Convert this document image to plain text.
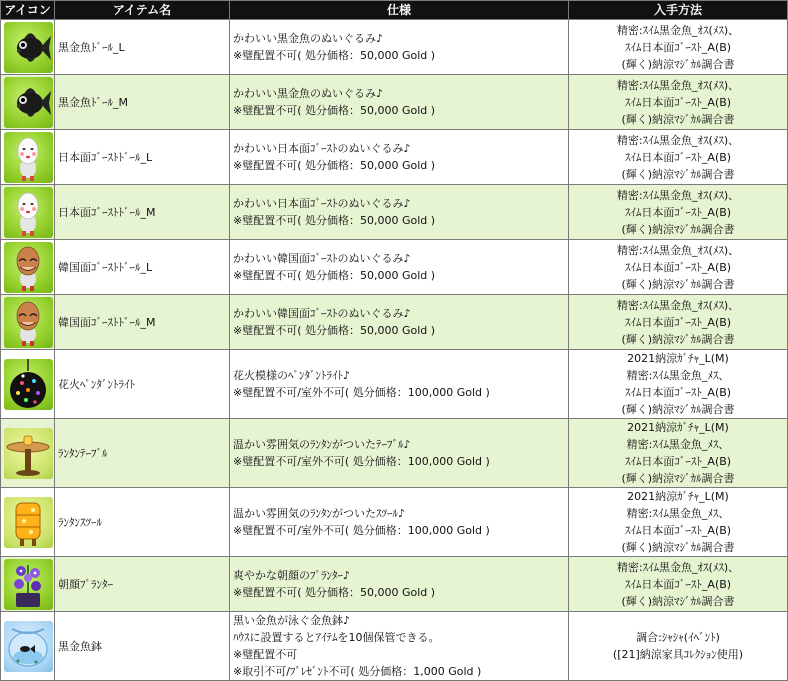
アイコン	アイテム名	仕様	入手方法

	黒金魚ﾄﾞｰﾙ_L	かわいい黒金魚のぬいぐるみ♪
※璧配置不可( 処分価格：50,000 Gold )	精密:ｽｲﾑ黒金魚_ｵｽ(ﾒｽ)、
ｽｲﾑ日本面ｺﾞｰｽﾄ_A(B)
(輝く)納涼ﾏｼﾞｶﾙ調合書

	黒金魚ﾄﾞｰﾙ_M	かわいい黒金魚のぬいぐるみ♪
※璧配置不可( 処分価格：50,000 Gold )	精密:ｽｲﾑ黒金魚_ｵｽ(ﾒｽ)、
ｽｲﾑ日本面ｺﾞｰｽﾄ_A(B)
(輝く)納涼ﾏｼﾞｶﾙ調合書

	日本面ｺﾞｰｽﾄﾄﾞｰﾙ_L	かわいい日本面ｺﾞｰｽﾄのぬいぐるみ♪
※璧配置不可( 処分価格：50,000 Gold )	精密:ｽｲﾑ黒金魚_ｵｽ(ﾒｽ)、
ｽｲﾑ日本面ｺﾞｰｽﾄ_A(B)
(輝く)納涼ﾏｼﾞｶﾙ調合書

	日本面ｺﾞｰｽﾄﾄﾞｰﾙ_M	かわいい日本面ｺﾞｰｽﾄのぬいぐるみ♪
※璧配置不可( 処分価格：50,000 Gold )	精密:ｽｲﾑ黒金魚_ｵｽ(ﾒｽ)、
ｽｲﾑ日本面ｺﾞｰｽﾄ_A(B)
(輝く)納涼ﾏｼﾞｶﾙ調合書

	韓国面ｺﾞｰｽﾄﾄﾞｰﾙ_L	かわいい韓国面ｺﾞｰｽﾄのぬいぐるみ♪
※璧配置不可( 処分価格：50,000 Gold )	精密:ｽｲﾑ黒金魚_ｵｽ(ﾒｽ)、
ｽｲﾑ日本面ｺﾞｰｽﾄ_A(B)
(輝く)納涼ﾏｼﾞｶﾙ調合書

	韓国面ｺﾞｰｽﾄﾄﾞｰﾙ_M	かわいい韓国面ｺﾞｰｽﾄのぬいぐるみ♪
※璧配置不可( 処分価格：50,000 Gold )	精密:ｽｲﾑ黒金魚_ｵｽ(ﾒｽ)、
ｽｲﾑ日本面ｺﾞｰｽﾄ_A(B)
(輝く)納涼ﾏｼﾞｶﾙ調合書

	花火ﾍﾟﾝﾀﾞﾝﾄﾗｲﾄ	花火模様のﾍﾟﾝﾀﾞﾝﾄﾗｲﾄ♪
※璧配置不可/室外不可( 処分価格：100,000 Gold )	2021納涼ｶﾞﾁｬ_L(M)
精密:ｽｲﾑ黒金魚_ﾒｽ、
ｽｲﾑ日本面ｺﾞｰｽﾄ_A(B)
(輝く)納涼ﾏｼﾞｶﾙ調合書

	ﾗﾝﾀﾝﾃｰﾌﾞﾙ	温かい雰囲気のﾗﾝﾀﾝがついたﾃｰﾌﾞﾙ♪
※璧配置不可/室外不可( 処分価格：100,000 Gold )	2021納涼ｶﾞﾁｬ_L(M)
精密:ｽｲﾑ黒金魚_ﾒｽ、
ｽｲﾑ日本面ｺﾞｰｽﾄ_A(B)
(輝く)納涼ﾏｼﾞｶﾙ調合書

	ﾗﾝﾀﾝｽﾂｰﾙ	温かい雰囲気のﾗﾝﾀﾝがついたｽﾂｰﾙ♪
※璧配置不可/室外不可( 処分価格：100,000 Gold )	2021納涼ｶﾞﾁｬ_L(M)
精密:ｽｲﾑ黒金魚_ﾒｽ、
ｽｲﾑ日本面ｺﾞｰｽﾄ_A(B)
(輝く)納涼ﾏｼﾞｶﾙ調合書

	朝顔ﾌﾟﾗﾝﾀｰ	爽やかな朝顔のﾌﾟﾗﾝﾀｰ♪
※璧配置不可( 処分価格：50,000 Gold )	精密:ｽｲﾑ黒金魚_ｵｽ(ﾒｽ)、
ｽｲﾑ日本面ｺﾞｰｽﾄ_A(B)
(輝く)納涼ﾏｼﾞｶﾙ調合書

	黒金魚鉢	黒い金魚が泳ぐ金魚鉢♪
ﾊｳｽに設置するとｱｲﾃﾑを10個保管できる。
※璧配置不可
※取引不可/ﾌﾟﾚｾﾞﾝﾄ不可( 処分価格：1,000 Gold )	調合:ｼｬｼｬ(ｲﾍﾞﾝﾄ)
([21]納涼家具ｺﾚｸｼｮﾝ使用)
